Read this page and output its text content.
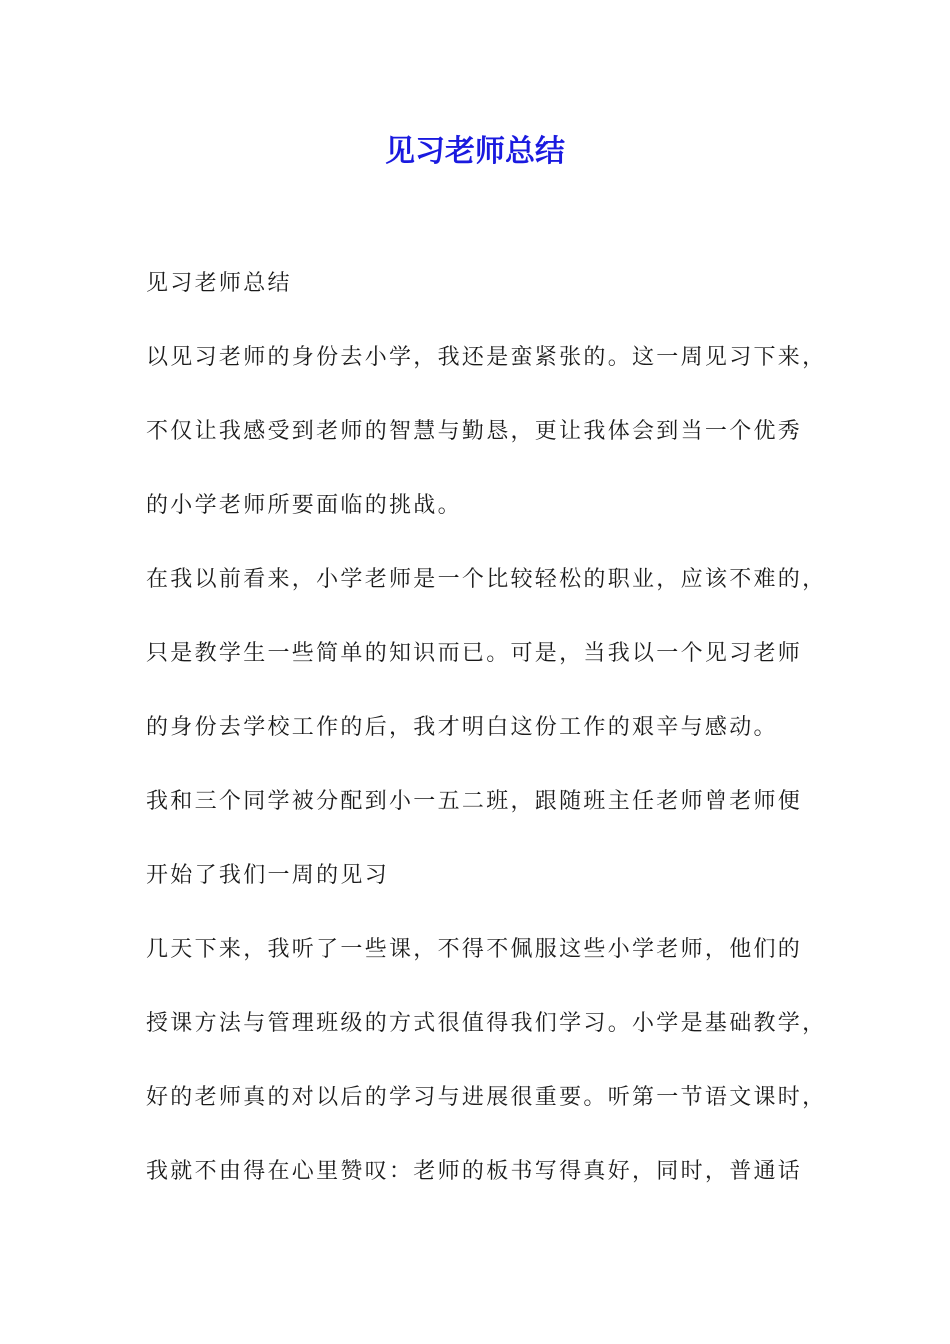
见习老师总结
见习老师总结
以见习老师的身份去小学，我还是蛮紧张的。这一周见习下来，
不仅让我感受到老师的智慧与勤恳，更让我体会到当一个优秀
的小学老师所要面临的挑战。
在我以前看来，小学老师是一个比较轻松的职业，应该不难的，
只是教学生一些简单的知识而已。可是，当我以一个见习老师
的身份去学校工作的后，我才明白这份工作的艰辛与感动。
我和三个同学被分配到小一五二班，跟随班主任老师曾老师便
开始了我们一周的见习
几天下来，我听了一些课，不得不佩服这些小学老师，他们的
授课方法与管理班级的方式很值得我们学习。小学是基础教学，
好的老师真的对以后的学习与进展很重要。听第一节语文课时，
我就不由得在心里赞叹：老师的板书写得真好，同时，普通话
